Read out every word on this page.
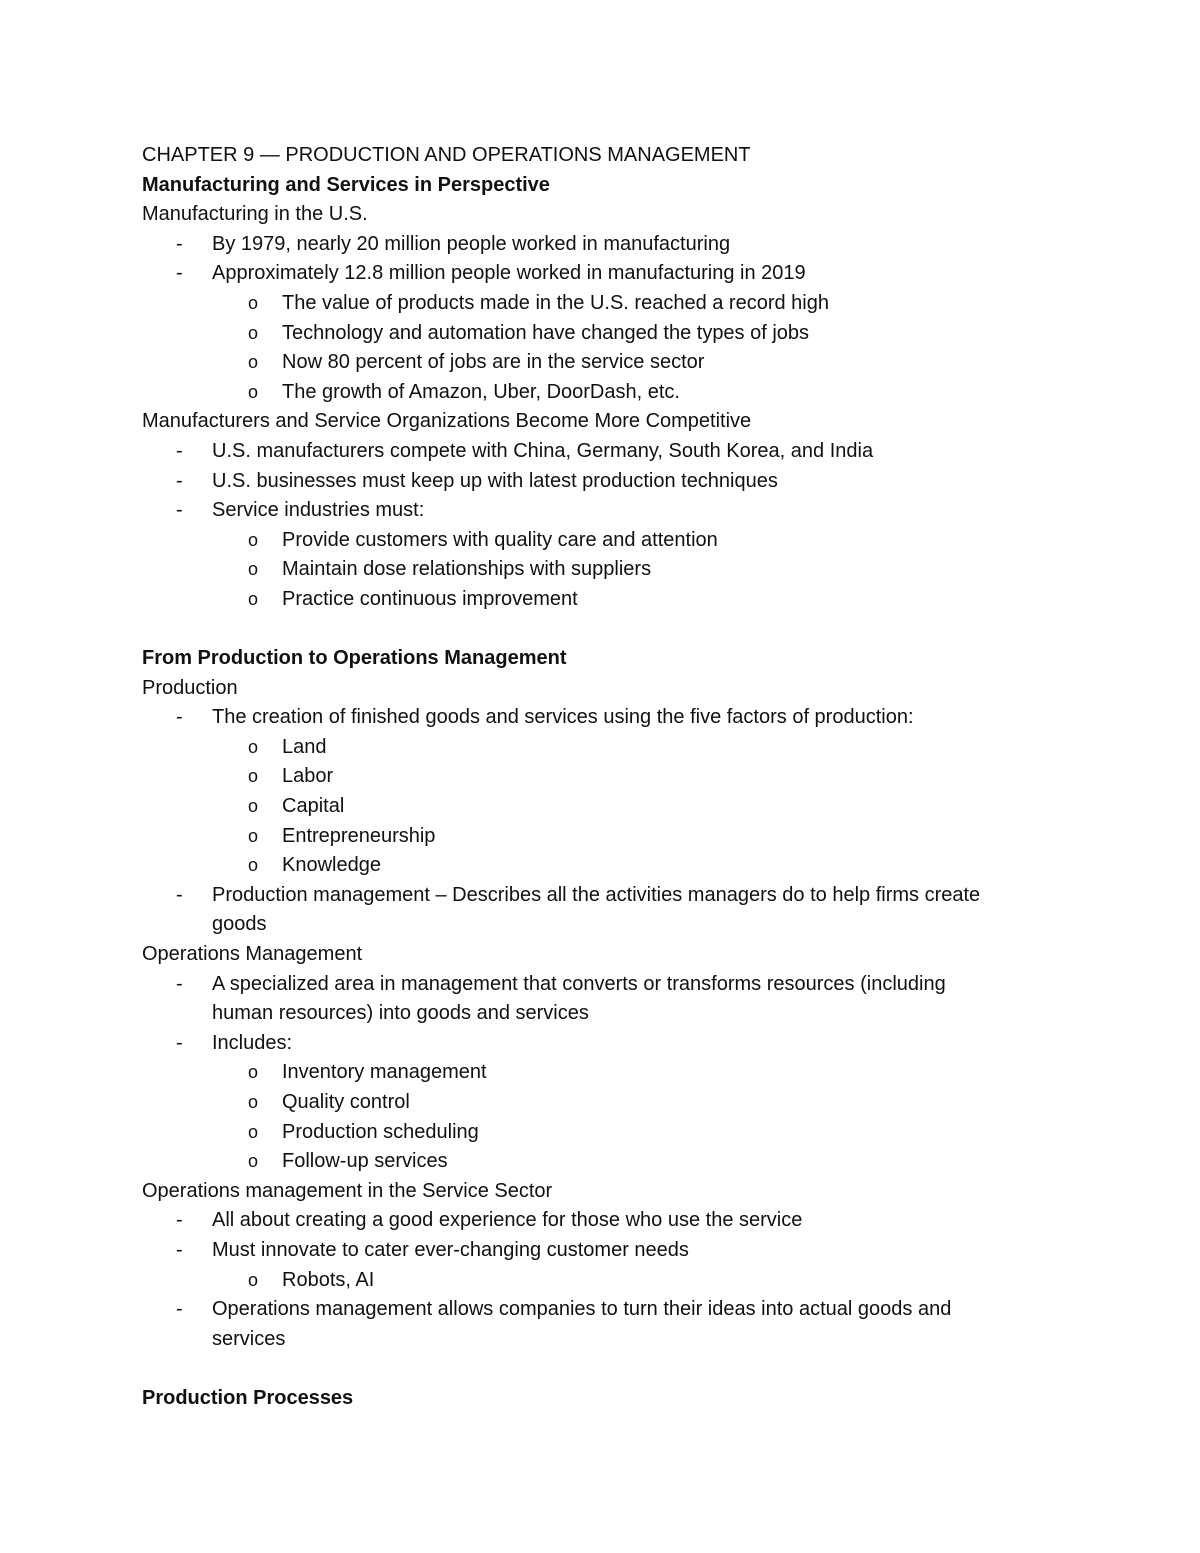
CHAPTER 9 — PRODUCTION AND OPERATIONS MANAGEMENT
Manufacturing and Services in Perspective
Manufacturing in the U.S.
- By 1979, nearly 20 million people worked in manufacturing
- Approximately 12.8 million people worked in manufacturing in 2019
o The value of products made in the U.S. reached a record high
o Technology and automation have changed the types of jobs
o Now 80 percent of jobs are in the service sector
o The growth of Amazon, Uber, DoorDash, etc.
Manufacturers and Service Organizations Become More Competitive
- U.S. manufacturers compete with China, Germany, South Korea, and India
- U.S. businesses must keep up with latest production techniques
- Service industries must:
o Provide customers with quality care and attention
o Maintain dose relationships with suppliers
o Practice continuous improvement
From Production to Operations Management
Production
- The creation of finished goods and services using the five factors of production:
o Land
o Labor
o Capital
o Entrepreneurship
o Knowledge
- Production management – Describes all the activities managers do to help firms create
goods
Operations Management
- A specialized area in management that converts or transforms resources (including
human resources) into goods and services
- Includes:
o Inventory management
o Quality control
o Production scheduling
o Follow-up services
Operations management in the Service Sector
- All about creating a good experience for those who use the service
- Must innovate to cater ever-changing customer needs
o Robots, AI
- Operations management allows companies to turn their ideas into actual goods and
services
Production Processes
